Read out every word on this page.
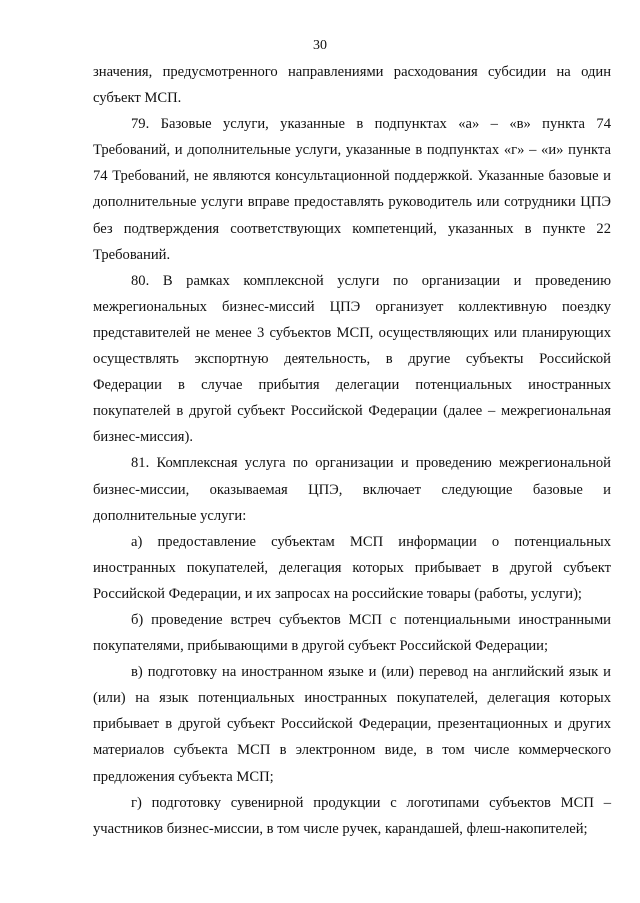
30

значения, предусмотренного направлениями расходования субсидии на один субъект МСП.

79. Базовые услуги, указанные в подпунктах «а» – «в» пункта 74 Требований, и дополнительные услуги, указанные в подпунктах «г» – «и» пункта 74 Требований, не являются консультационной поддержкой. Указанные базовые и дополнительные услуги вправе предоставлять руководитель или сотрудники ЦПЭ без подтверждения соответствующих компетенций, указанных в пункте 22 Требований.

80. В рамках комплексной услуги по организации и проведению межрегиональных бизнес-миссий ЦПЭ организует коллективную поездку представителей не менее 3 субъектов МСП, осуществляющих или планирующих осуществлять экспортную деятельность, в другие субъекты Российской Федерации в случае прибытия делегации потенциальных иностранных покупателей в другой субъект Российской Федерации (далее – межрегиональная бизнес-миссия).

81. Комплексная услуга по организации и проведению межрегиональной бизнес-миссии, оказываемая ЦПЭ, включает следующие базовые и дополнительные услуги:

а) предоставление субъектам МСП информации о потенциальных иностранных покупателей, делегация которых прибывает в другой субъект Российской Федерации, и их запросах на российские товары (работы, услуги);

б) проведение встреч субъектов МСП с потенциальными иностранными покупателями, прибывающими в другой субъект Российской Федерации;

в) подготовку на иностранном языке и (или) перевод на английский язык и (или) на язык потенциальных иностранных покупателей, делегация которых прибывает в другой субъект Российской Федерации, презентационных и других материалов субъекта МСП в электронном виде, в том числе коммерческого предложения субъекта МСП;

г) подготовку сувенирной продукции с логотипами субъектов МСП – участников бизнес-миссии, в том числе ручек, карандашей, флеш-накопителей;
